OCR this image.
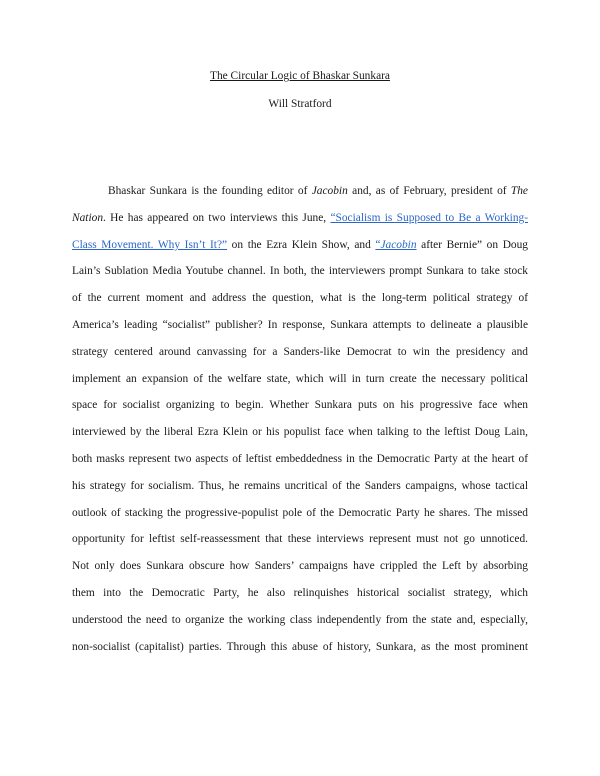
The Circular Logic of Bhaskar Sunkara
Will Stratford
Bhaskar Sunkara is the founding editor of Jacobin and, as of February, president of The
Nation. He has appeared on two interviews this June, “Socialism is Supposed to Be a Working-
Class Movement. Why Isn’t It?” on the Ezra Klein Show, and “Jacobin after Bernie” on Doug
Lain’s Sublation Media Youtube channel. In both, the interviewers prompt Sunkara to take stock
of the current moment and address the question, what is the long-term political strategy of
America’s leading “socialist” publisher? In response, Sunkara attempts to delineate a plausible
strategy centered around canvassing for a Sanders-like Democrat to win the presidency and
implement an expansion of the welfare state, which will in turn create the necessary political
space for socialist organizing to begin. Whether Sunkara puts on his progressive face when
interviewed by the liberal Ezra Klein or his populist face when talking to the leftist Doug Lain,
both masks represent two aspects of leftist embeddedness in the Democratic Party at the heart of
his strategy for socialism. Thus, he remains uncritical of the Sanders campaigns, whose tactical
outlook of stacking the progressive-populist pole of the Democratic Party he shares. The missed
opportunity for leftist self-reassessment that these interviews represent must not go unnoticed.
Not only does Sunkara obscure how Sanders’ campaigns have crippled the Left by absorbing
them into the Democratic Party, he also relinquishes historical socialist strategy, which
understood the need to organize the working class independently from the state and, especially,
non-socialist (capitalist) parties. Through this abuse of history, Sunkara, as the most prominent
